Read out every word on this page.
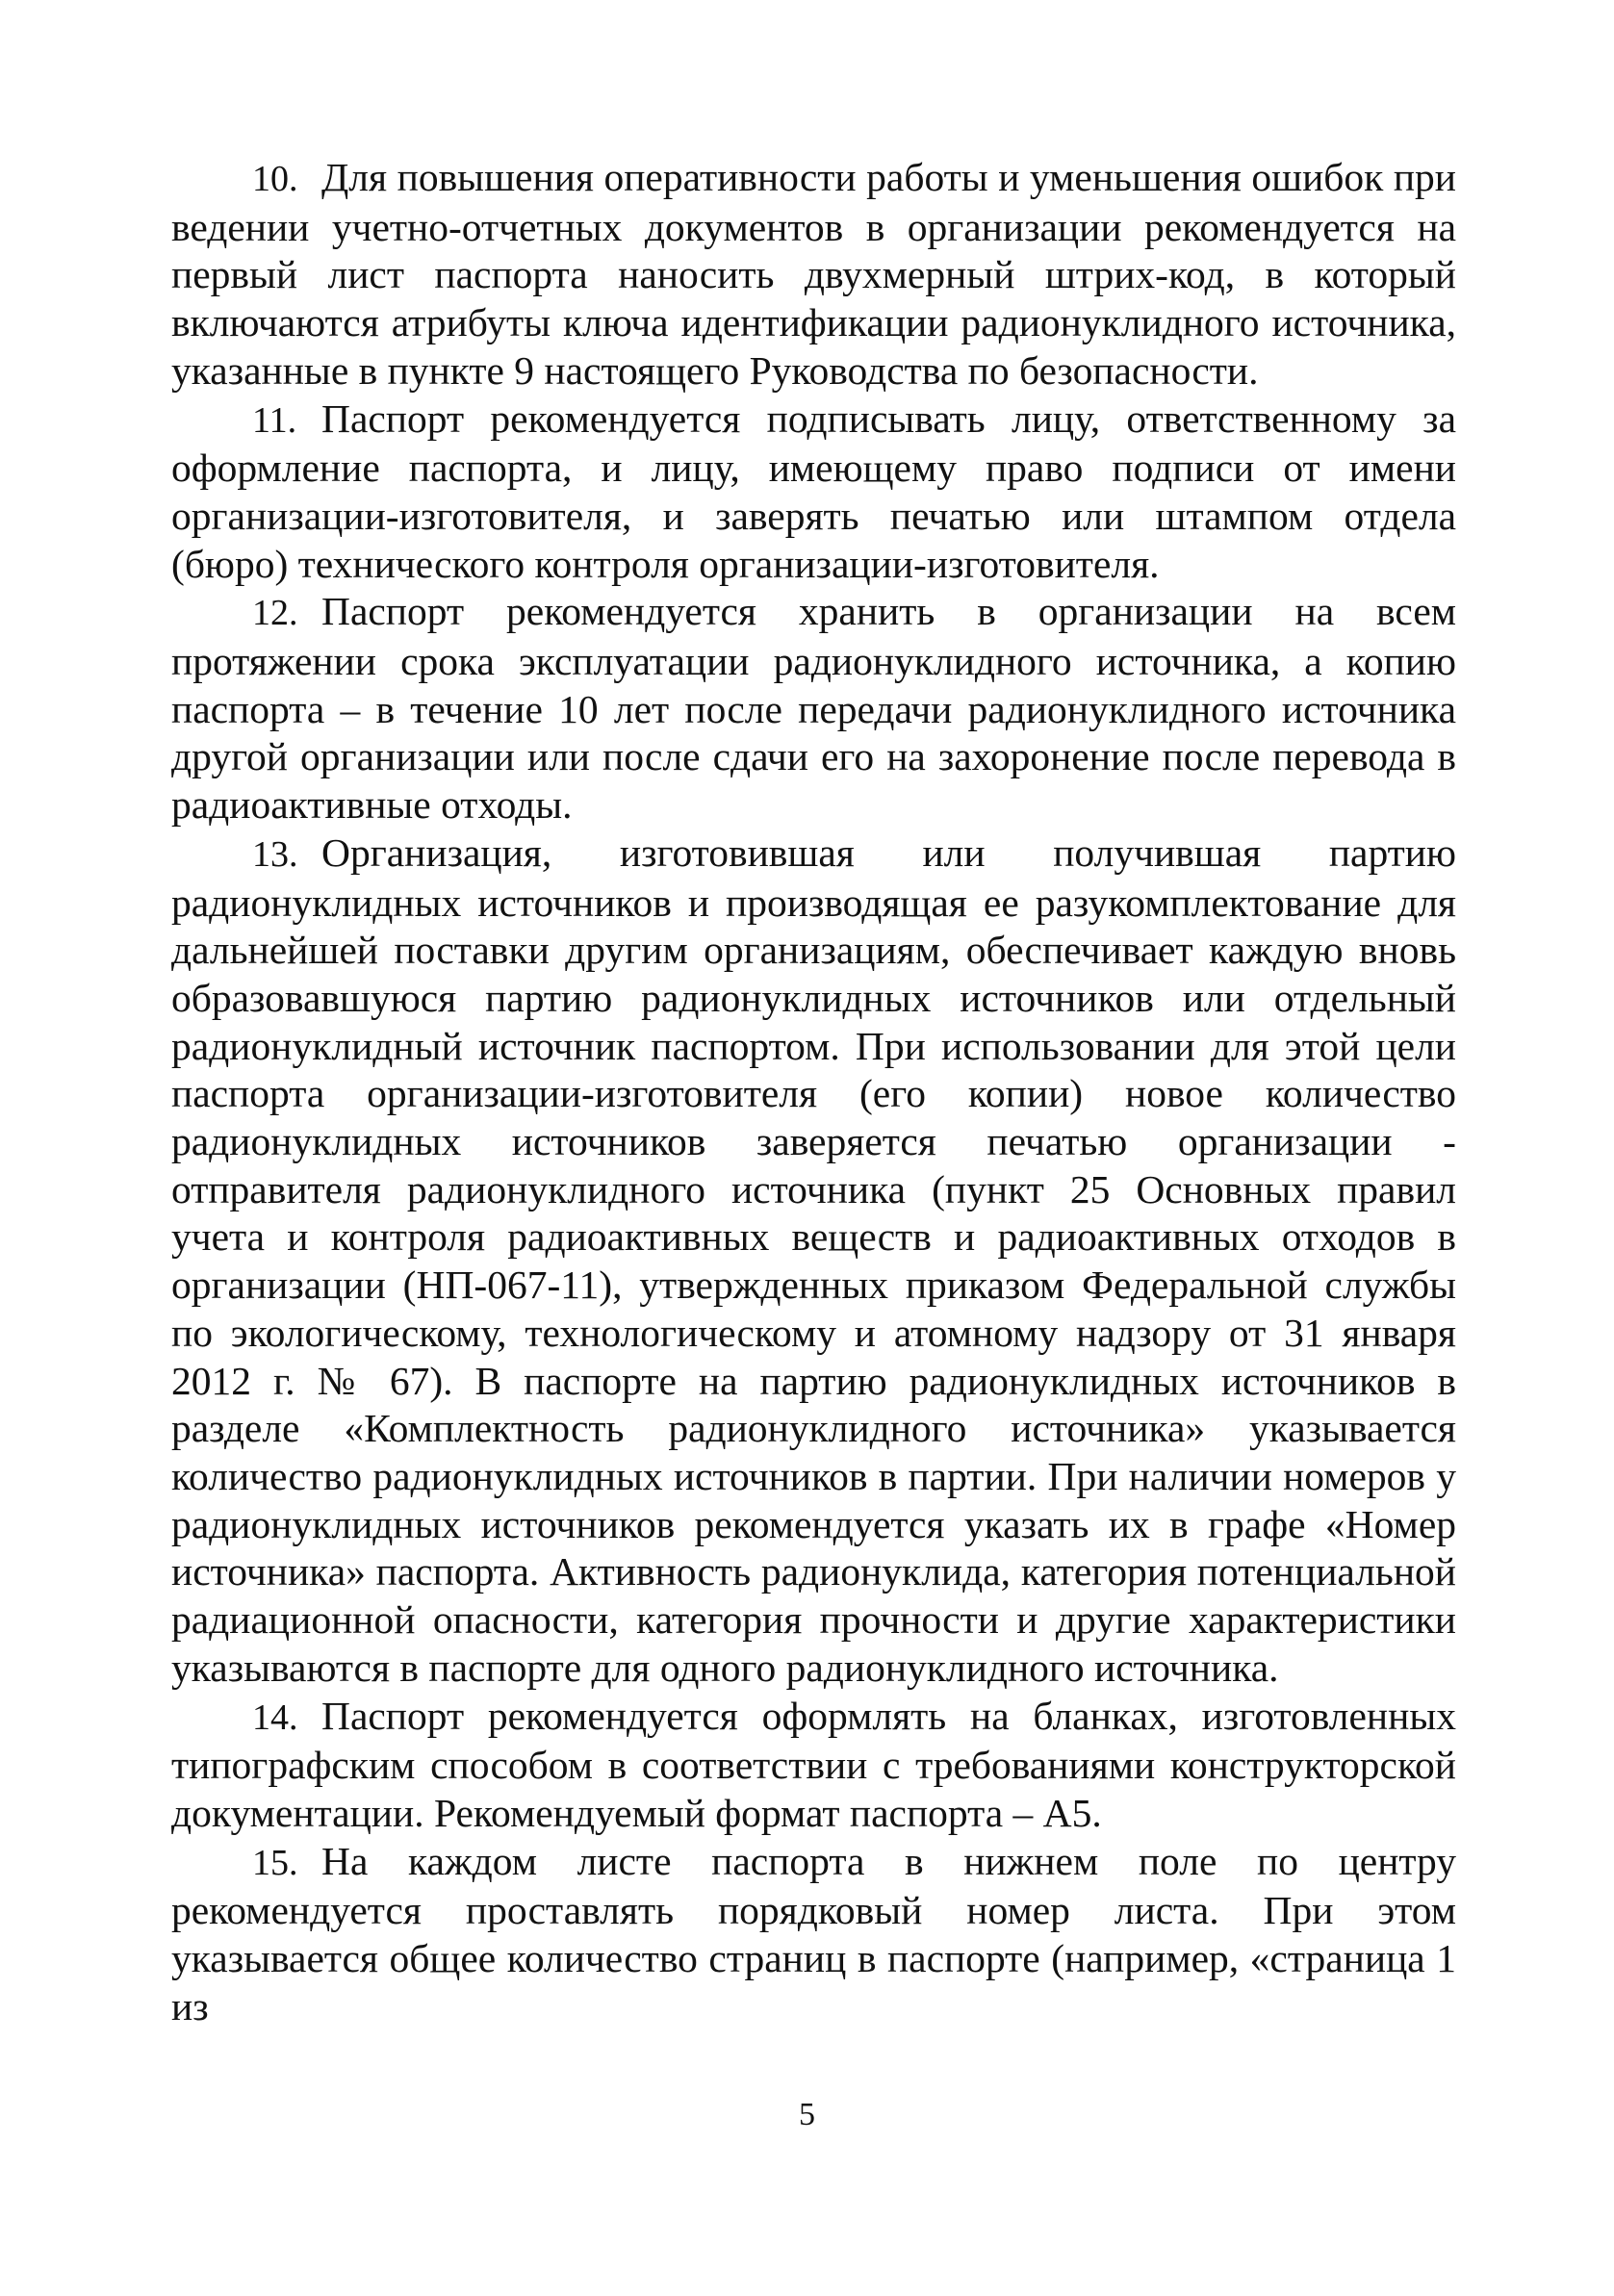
10. Для повышения оперативности работы и уменьшения ошибок при ведении учетно-отчетных документов в организации рекомендуется на первый лист паспорта наносить двухмерный штрих-код, в который включаются атрибуты ключа идентификации радионуклидного источника, указанные в пункте 9 настоящего Руководства по безопасности.

11. Паспорт рекомендуется подписывать лицу, ответственному за оформление паспорта, и лицу, имеющему право подписи от имени организации-изготовителя, и заверять печатью или штампом отдела (бюро) технического контроля организации-изготовителя.

12. Паспорт рекомендуется хранить в организации на всем протяжении срока эксплуатации радионуклидного источника, а копию паспорта – в течение 10 лет после передачи радионуклидного источника другой организации или после сдачи его на захоронение после перевода в радиоактивные отходы.

13. Организация, изготовившая или получившая партию радионуклидных источников и производящая ее разукомплектование для дальнейшей поставки другим организациям, обеспечивает каждую вновь образовавшуюся партию радионуклидных источников или отдельный радионуклидный источник паспортом. При использовании для этой цели паспорта организации-изготовителя (его копии) новое количество радионуклидных источников заверяется печатью организации - отправителя радионуклидного источника (пункт 25 Основных правил учета и контроля радиоактивных веществ и радиоактивных отходов в организации (НП-067-11), утвержденных приказом Федеральной службы по экологическому, технологическому и атомному надзору от 31 января 2012 г. № 67). В паспорте на партию радионуклидных источников в разделе «Комплектность радионуклидного источника» указывается количество радионуклидных источников в партии. При наличии номеров у радионуклидных источников рекомендуется указать их в графе «Номер источника» паспорта. Активность радионуклида, категория потенциальной радиационной опасности, категория прочности и другие характеристики указываются в паспорте для одного радионуклидного источника.

14. Паспорт рекомендуется оформлять на бланках, изготовленных типографским способом в соответствии с требованиями конструкторской документации. Рекомендуемый формат паспорта – А5.

15. На каждом листе паспорта в нижнем поле по центру рекомендуется проставлять порядковый номер листа. При этом указывается общее количество страниц в паспорте (например, «страница 1 из

5
